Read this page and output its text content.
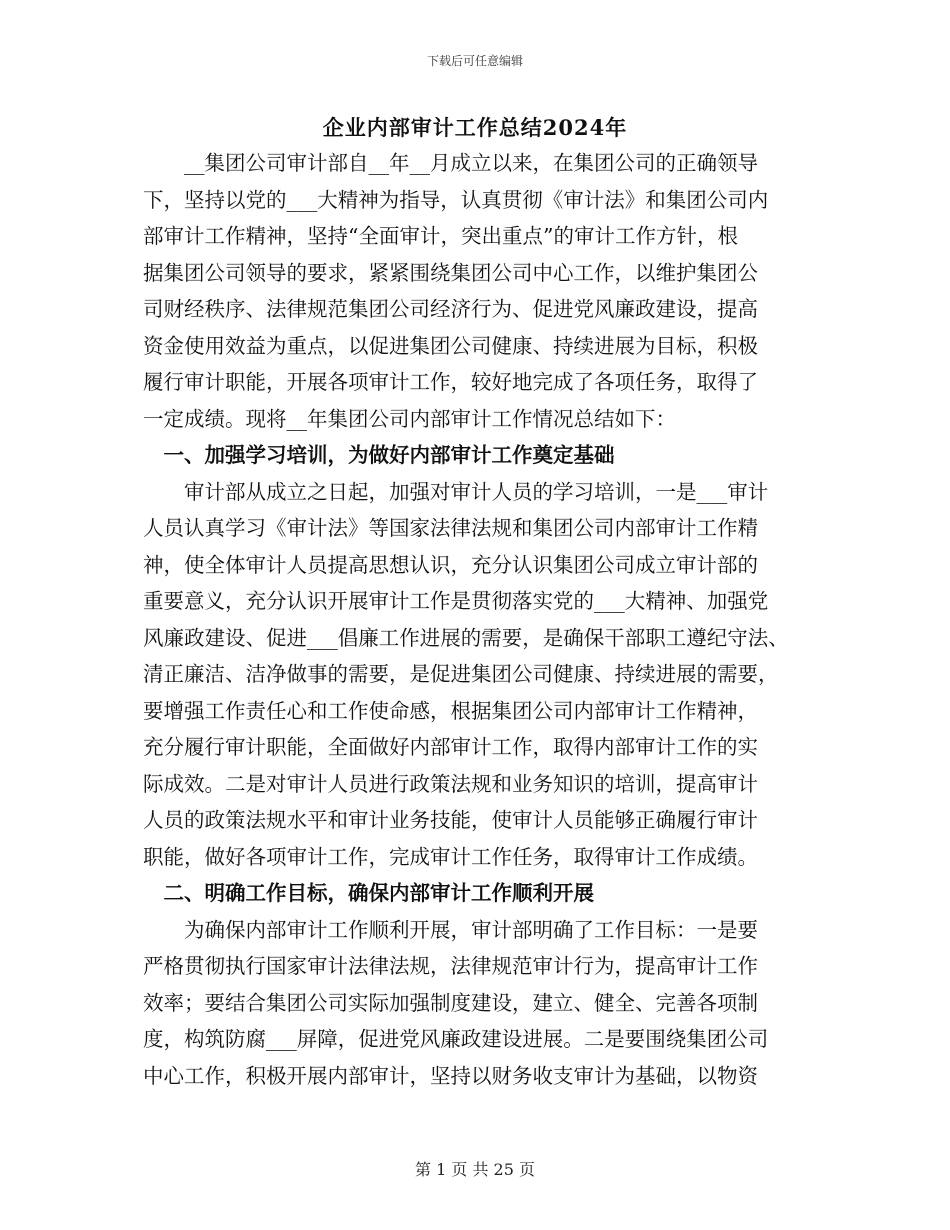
下载后可任意编辑
企业内部审计工作总结2024年
　　__集团公司审计部自__年__月成立以来，在集团公司的正确领导
下，坚持以党的___大精神为指导，认真贯彻《审计法》和集团公司内
部审计工作精神，坚持“全面审计，突出重点”的审计工作方针，根
据集团公司领导的要求，紧紧围绕集团公司中心工作，以维护集团公
司财经秩序、法律规范集团公司经济行为、促进党风廉政建设，提高
资金使用效益为重点，以促进集团公司健康、持续进展为目标，积极
履行审计职能，开展各项审计工作，较好地完成了各项任务，取得了
一定成绩。现将__年集团公司内部审计工作情况总结如下：
　一、加强学习培训，为做好内部审计工作奠定基础
　　审计部从成立之日起，加强对审计人员的学习培训，一是___审计
人员认真学习《审计法》等国家法律法规和集团公司内部审计工作精
神，使全体审计人员提高思想认识，充分认识集团公司成立审计部的
重要意义，充分认识开展审计工作是贯彻落实党的___大精神、加强党
风廉政建设、促进___倡廉工作进展的需要，是确保干部职工遵纪守法、
清正廉洁、洁净做事的需要，是促进集团公司健康、持续进展的需要，
要增强工作责任心和工作使命感，根据集团公司内部审计工作精神，
充分履行审计职能，全面做好内部审计工作，取得内部审计工作的实
际成效。二是对审计人员进行政策法规和业务知识的培训，提高审计
人员的政策法规水平和审计业务技能，使审计人员能够正确履行审计
职能，做好各项审计工作，完成审计工作任务，取得审计工作成绩。
　二、明确工作目标，确保内部审计工作顺利开展
　　为确保内部审计工作顺利开展，审计部明确了工作目标：一是要
严格贯彻执行国家审计法律法规，法律规范审计行为，提高审计工作
效率；要结合集团公司实际加强制度建设，建立、健全、完善各项制
度，构筑防腐___屏障，促进党风廉政建设进展。二是要围绕集团公司
中心工作，积极开展内部审计，坚持以财务收支审计为基础，以物资
第 1 页 共 25 页
